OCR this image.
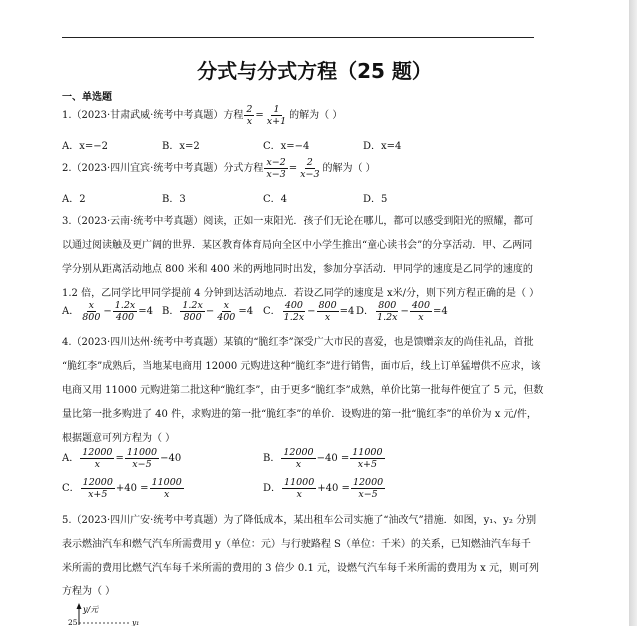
分式与分式方程（25 题）
一、单选题
1.（2023·甘肃武威·统考中考真题）方程 $\frac{2}{x} = \frac{1}{x+1}$ 的解为（ ）
A．x=−2	B．x=2	C．x=−4	D．x=4
2.（2023·四川宜宾·统考中考真题）分式方程 $\frac{x-2}{x-3} = \frac{2}{x-3}$ 的解为（ ）
A．2	B．3	C．4	D．5
3.（2023·云南·统考中考真题）阅读，正如一束阳光．孩子们无论在哪儿，都可以感受到阳光的照耀，都可
以通过阅读触及更广阔的世界．某区教育体育局向全区中小学生推出“童心读书会”的分享活动．甲、乙两同
学分别从距离活动地点 800 米和 400 米的两地同时出发，参加分享活动．甲同学的速度是乙同学的速度的
1.2 倍，乙同学比甲同学提前 4 分钟到达活动地点．若设乙同学的速度是 x米/分，则下列方程正确的是（ ）
A． $\frac{x}{800} - \frac{1.2x}{400} =4$ B． $\frac{1.2x}{800} - \frac{x}{400} =4$ C． $\frac{400}{1.2x} - \frac{800}{x} =4$ D． $\frac{800}{1.2x} - \frac{400}{x} =4$
4.（2023·四川达州·统考中考真题）某镇的“脆红李”深受广大市民的喜爱，也是馈赠亲友的尚佳礼品，首批
“脆红李”成熟后，当地某电商用 12000 元购进这种“脆红李”进行销售，面市后，线上订单猛增供不应求，该
电商又用 11000 元购进第二批这种“脆红李”，由于更多“脆红李”成熟，单价比第一批每件便宜了 5 元，但数
量比第一批多购进了 40 件，求购进的第一批“脆红李”的单价．设购进的第一批“脆红李”的单价为 x 元/件，
根据题意可列方程为（ ）
A． $\frac{12000}{x} = \frac{11000}{x-5} -40$	B． $\frac{12000}{x} -40 = \frac{11000}{x+5}$
C． $\frac{12000}{x+5} +40 = \frac{11000}{x}$	D． $\frac{11000}{x} +40 = \frac{12000}{x-5}$
5.（2023·四川广安·统考中考真题）为了降低成本，某出租车公司实施了“油改气”措施．如图，y₁、y₂ 分别
表示燃油汽车和燃气汽车所需费用 y（单位：元）与行驶路程 S（单位：千米）的关系，已知燃油汽车每千
米所需的费用比燃气汽车每千米所需的费用的 3 倍少 0.1 元，设燃气汽车每千米所需的费用为 x 元，则可列
方程为（ ）
y/元
25	y₁
